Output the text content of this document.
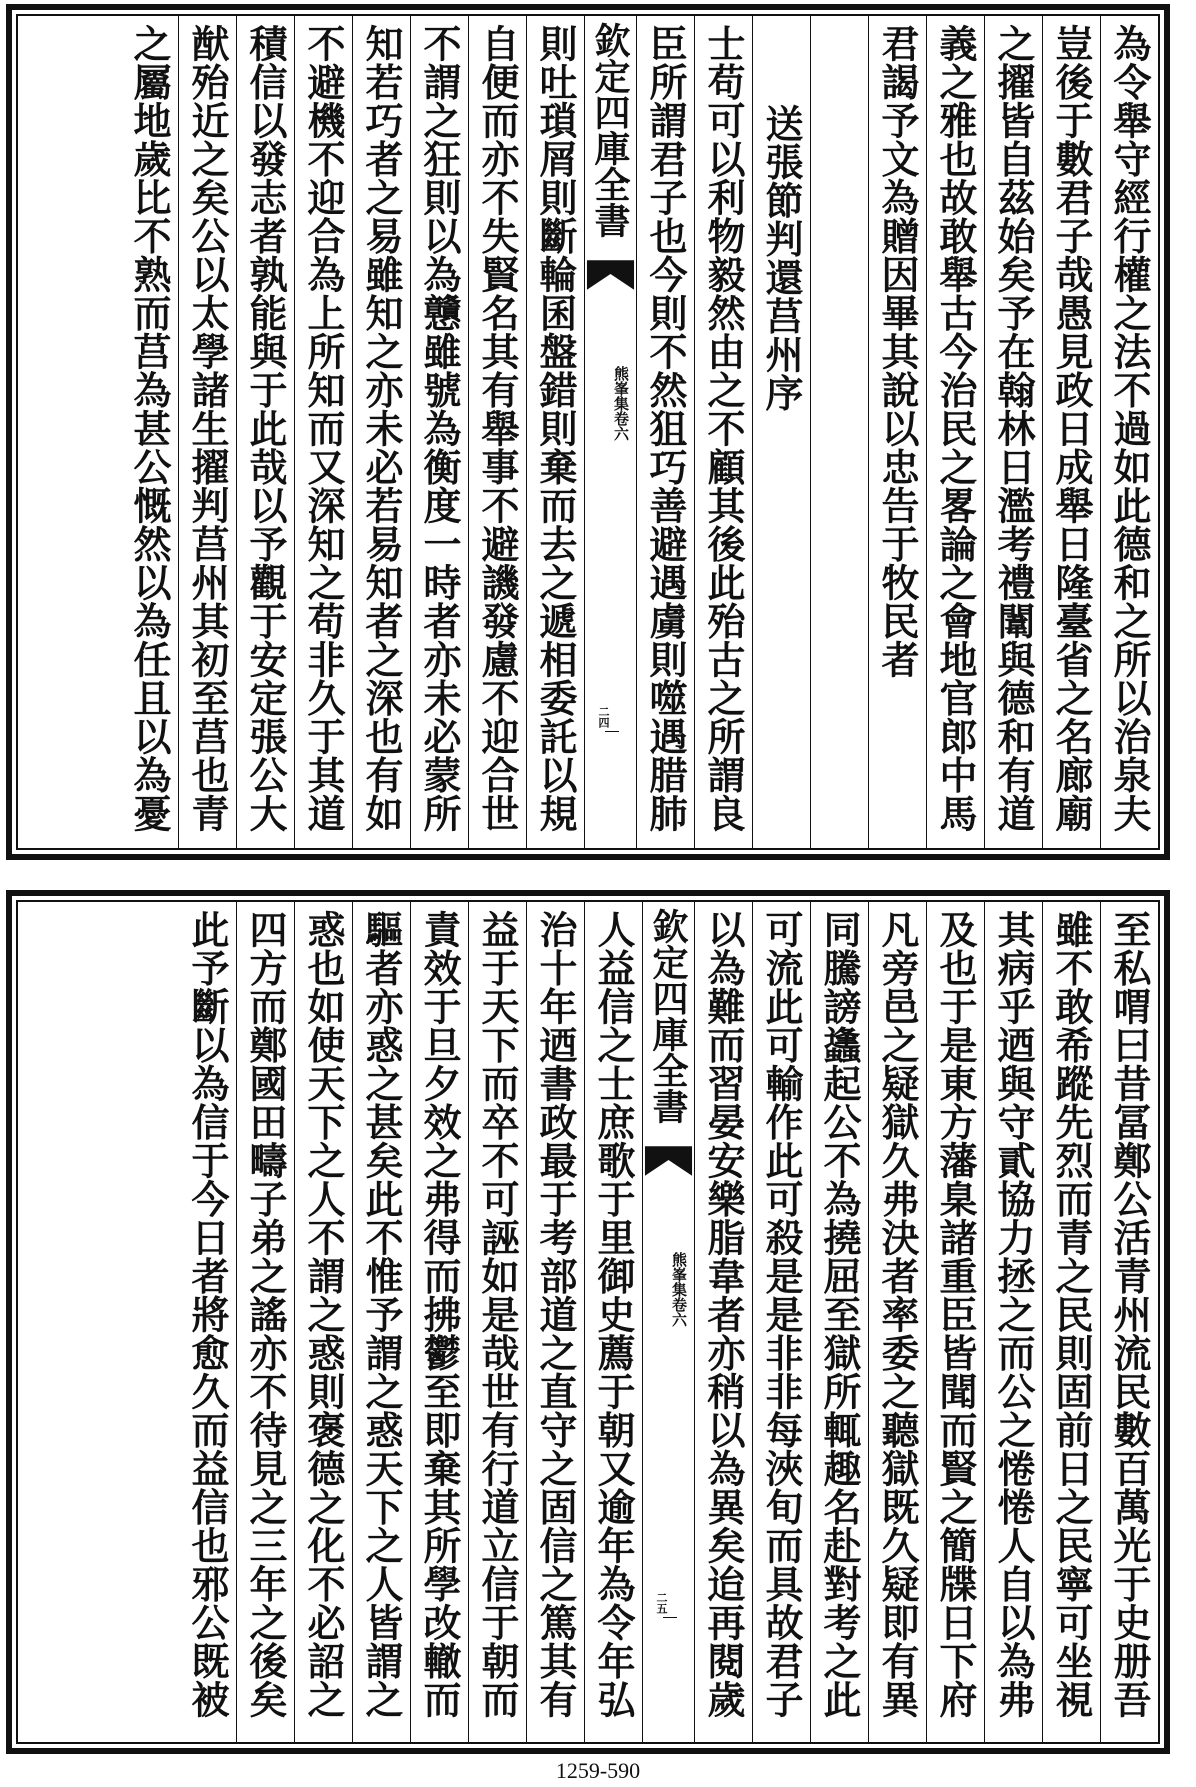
為令舉守經行權之法不過如此德和之所以治泉夫
豈後于數君子哉愚見政日成舉日隆臺省之名廊廟
之擢皆自茲始矣予在翰林日濫考禮闈與德和有道
義之雅也故敢舉古今治民之畧論之會地官郎中馬
君謁予文為贈因畢其說以忠告于牧民者
送張節判還莒州序
士苟可以利物毅然由之不顧其後此殆古之所謂良
臣所謂君子也今則不然狙巧善避遇虜則噬遇腊肺
欽定四庫全書
熊峯集卷六
二四
則吐瑣屑則斷輪囷盤錯則棄而去之遞相委託以規
自便而亦不失賢名其有舉事不避譏發慮不迎合世
不謂之狂則以為戇雖號為衡度一時者亦未必蒙所
知若巧者之易雖知之亦未必若易知者之深也有如
不避機不迎合為上所知而又深知之苟非久于其道
積信以發志者孰能與于此哉以予觀于安定張公大
猷殆近之矣公以太學諸生擢判莒州其初至莒也青
之屬地歲比不熟而莒為甚公慨然以為任且以為憂
至私喟曰昔冨鄭公活青州流民數百萬光于史册吾
雖不敢希蹤先烈而青之民則固前日之民寧可坐視
其病乎迺與守貳協力拯之而公之惓惓人自以為弗
及也于是東方藩臬諸重臣皆聞而賢之簡牒日下府
凡旁邑之疑獄久弗決者率委之聽獄既久疑即有異
同騰謗蠭起公不為撓屈至獄所輒趣名赴對考之此
可流此可輸作此可殺是是非非每浹旬而具故君子
以為難而習晏安樂脂韋者亦稍以為異矣迨再閱歲
欽定四庫全書
熊峯集卷六
二五
人益信之士庶歌于里御史薦于朝又逾年為令年弘
治十年迺書政最于考部道之直守之固信之篤其有
益于天下而卒不可誣如是哉世有行道立信于朝而
責效于旦夕效之弗得而拂鬱至即棄其所學改轍而
驅者亦惑之甚矣此不惟予謂之惑天下之人皆謂之
惑也如使天下之人不謂之惑則褒德之化不必詔之
四方而鄭國田疇子弟之謠亦不待見之三年之後矣
此予斷以為信于今日者將愈久而益信也邪公既被
1259-590
